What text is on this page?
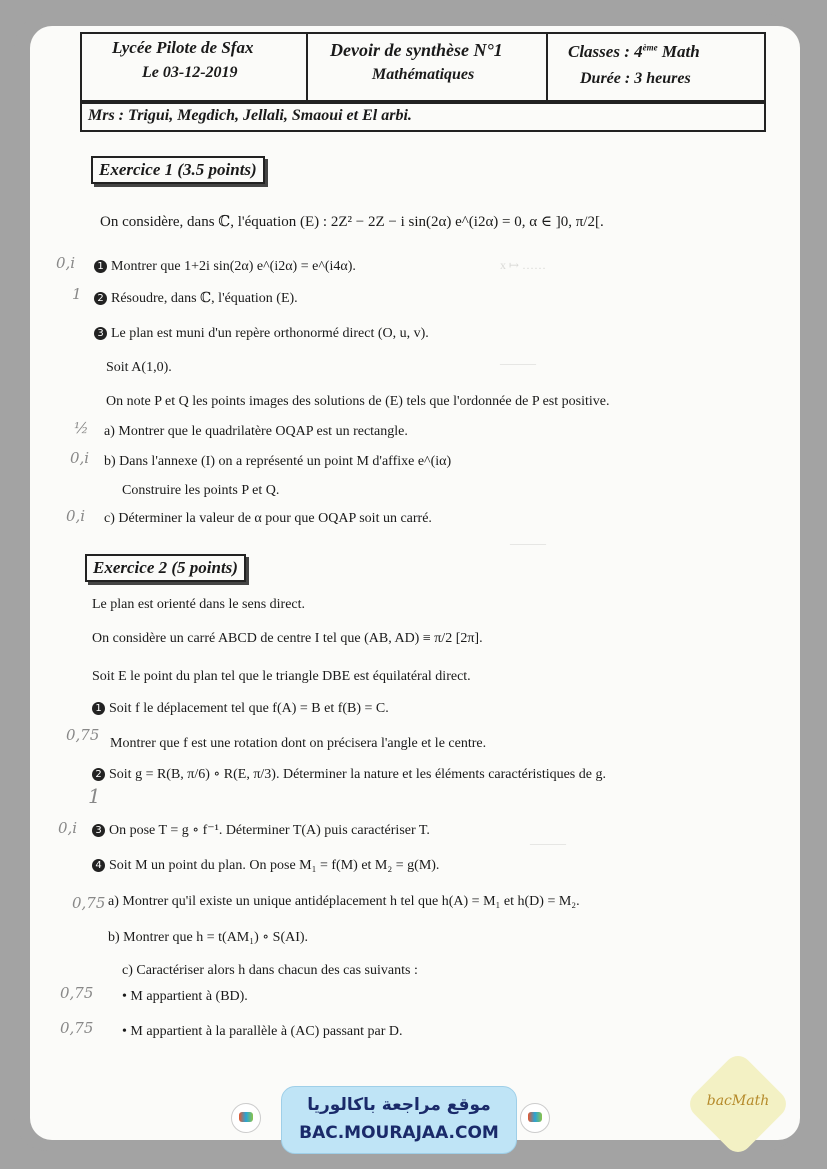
x ↦ ……
———
———
———
Lycée Pilote de Sfax
Le 03-12-2019
Devoir de synthèse N°1
Mathématiques
Classes : 4ème Math
Durée : 3 heures
Mrs : Trigui, Megdich, Jellali, Smaoui et El arbi.
Exercice 1 (3.5 points)
On considère, dans ℂ, l'équation (E) : 2Z² − 2Z − i sin(2α) e^(i2α) = 0, α ∈ ]0, π/2[.
0,i	1 Montrer que 1+2i sin(2α) e^(i2α) = e^(i4α).
1	2 Résoudre, dans ℂ, l'équation (E).
3 Le plan est muni d'un repère orthonormé direct (O, u, v).
Soit A(1,0).
On note P et Q les points images des solutions de (E) tels que l'ordonnée de P est positive.
½ a) Montrer que le quadrilatère OQAP est un rectangle.
0,i b) Dans l'annexe (I) on a représenté un point M d'affixe e^(iα)
Construire les points P et Q.
0,i c) Déterminer la valeur de α pour que OQAP soit un carré.
Exercice 2 (5 points)
Le plan est orienté dans le sens direct.
On considère un carré ABCD de centre I tel que (AB, AD) ≡ π/2 [2π].
Soit E le point du plan tel que le triangle DBE est équilatéral direct.
1 Soit f le déplacement tel que f(A) = B et f(B) = C.
0,75 Montrer que f est une rotation dont on précisera l'angle et le centre.
2 Soit g = R(B, π/6) ∘ R(E, π/3). Déterminer la nature et les éléments caractéristiques de g.
1
0,i	3 On pose T = g ∘ f⁻¹. Déterminer T(A) puis caractériser T.
4 Soit M un point du plan. On pose M₁ = f(M) et M₂ = g(M).
0,75 a) Montrer qu'il existe un unique antidéplacement h tel que h(A) = M₁ et h(D) = M₂.
b) Montrer que h = t(AM₁) ∘ S(AI).
c) Caractériser alors h dans chacun des cas suivants :
0,75 • M appartient à (BD).
0,75 • M appartient à la parallèle à (AC) passant par D.
موقع مراجعة باكالوريا
BAC.MOURAJAA.COM
bacMath
